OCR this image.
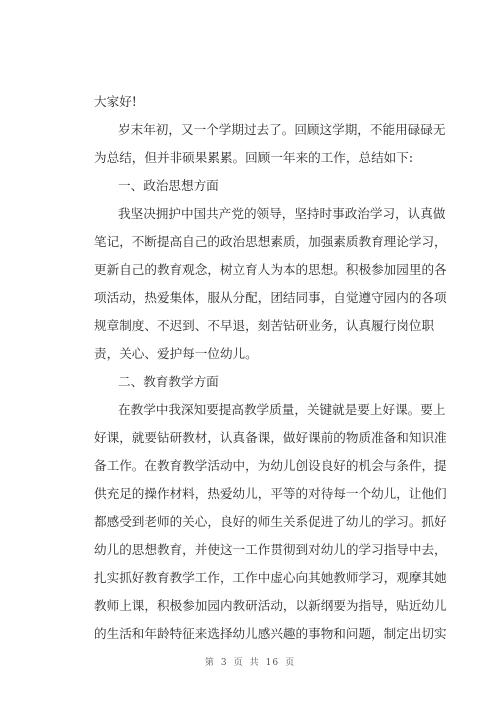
大家好!
岁末年初，又一个学期过去了。回顾这学期，不能用碌碌无
为总结，但并非硕果累累。回顾一年来的工作，总结如下:
一、政治思想方面
我坚决拥护中国共产党的领导，坚持时事政治学习，认真做
笔记，不断提高自己的政治思想素质，加强素质教育理论学习，
更新自己的教育观念，树立育人为本的思想。积极参加园里的各
项活动，热爱集体，服从分配，团结同事，自觉遵守园内的各项
规章制度、不迟到、不早退，刻苦钻研业务，认真履行岗位职
责，关心、爱护每一位幼儿。
二、教育教学方面
在教学中我深知要提高教学质量，关键就是要上好课。要上
好课，就要钻研教材，认真备课，做好课前的物质准备和知识准
备工作。在教育教学活动中，为幼儿创设良好的机会与条件，提
供充足的操作材料，热爱幼儿，平等的对待每一个幼儿，让他们
都感受到老师的关心，良好的师生关系促进了幼儿的学习。抓好
幼儿的思想教育，并使这一工作贯彻到对幼儿的学习指导中去，
扎实抓好教育教学工作，工作中虚心向其她教师学习，观摩其她
教师上课，积极参加园内教研活动，以新纲要为指导，贴近幼儿
的生活和年龄特征来选择幼儿感兴趣的事物和问题，制定出切实
第 3 页 共 16 页
